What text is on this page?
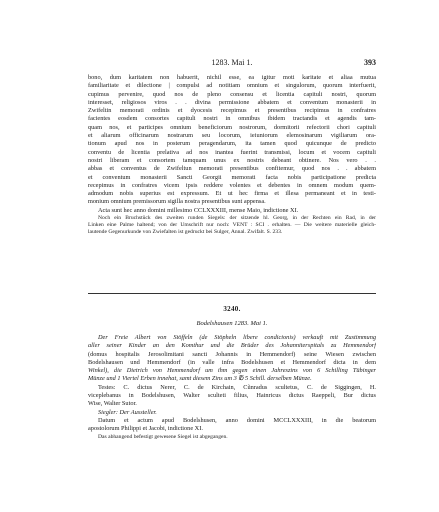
1283. Mai 1.	393
bono, dum karitatem non habuerit, nichil esse, ea igitur moti karitate et aliaa mutua
familiaritate et dilectione | compulsi ad notitiam omnium et singulorum, quorum interfuerit,
cupimus pervenire, quod nos de pleno consensu et licentia capituli nostri, quorum
interesset, religiosos viros . . divina permissione abbatem et conventum monasterii in
Zwifeltin memorati ordinis et dyocesis recepimus et presentibus recipimus in confratres
facientes eosdem consortes capituli nostri in omnibus ibidem tractandis et agendis tam-
quam nos, et participes omnium beneficiorum nostrorum, dormitorii refectorii chori capituli
et aliarum officinarum nostrarum seu locorum, ieiuniorum elemosinarum vigiliarum ora-
tionum apud nos in posterum peragendarum, ita tamen quod quicunque de predicto
conventu de licentia prelativa ad nos inantea fuerint transmissi, locum et vocem capituli
nostri liberam et consortem tamquam unus ex nostris debeant obtinere. Nos vero . .
abbas et conventus de Zwifeltun memorati presentibus confitemur, quod nos . . abbatem
et conventum monasterii Sancti Georgii memorati facta nobis participatione predicta
recepimus in confratres vicem ipsis reddere volentes et debentes in omnem modum quem-
admodum nobis superius est expressum. Et ut hec firma et illesa permaneant et in testi-
monium omnium premissorum sigilla nostra presentibus sunt appensa.
Acta sunt hec anno domini millesimo CCLXXXIII, mense Maio, indictione XI.
Noch ein Bruchstück des zweiten runden Siegels: der sitzende hl. Georg, in der Rechten ein Rad, in der
Linken eine Palme haltend; von der Umschrift nur noch: VENT : SCI . erhalten. — Die weitere materielle gleich-
lautende Gegenurkunde von Zwiefalten ist gedruckt bei Sulger, Annal. Zwifalt. S. 233.
3240.
Bodelshausen 1283. Mai 1.
Der Freie Albert von Stöffeln (de Stöpheln libere condicionis) verkauft mit Zustimmung
aller seiner Kinder an den Komthur und die Brüder des Johanniterspitals zu Hemmendorf
(domus hospitalis Jerosolimitani sancti Johannis in Hemmendorf) seine Wiesen zwischen
Bodelshausen und Hemmendorf (in valle infra Bodelshusen et Hemmendorf dicta in dem
Winkel), die Dietrich von Hemmendorf um ihm gegen einen Jahreszins von 6 Schilling Tübinger
Münze und 1 Viertel Erben innehat, samt diesem Zins um 3 ℔ 5 Schill. derselben Münze.
Testes: C. dictus Nerer, C. de Kirchain, Cũnradus scultetus, C. de Siggingen, H.
viceplebanus in Bodelshusen, Walter sculteti filius, Hainricus dictus Raeppeli, Bur dictus
Wise, Walter Sutor.
Siegler: Der Aussteller.
Datum et actum apud Bodelshusen, anno domini MCCLXXXIII, in die beatorum
apostolorum Philippi et Jacobi, indictione XI.
Das abhangend befestigt gewesene Siegel ist abgegangen.
